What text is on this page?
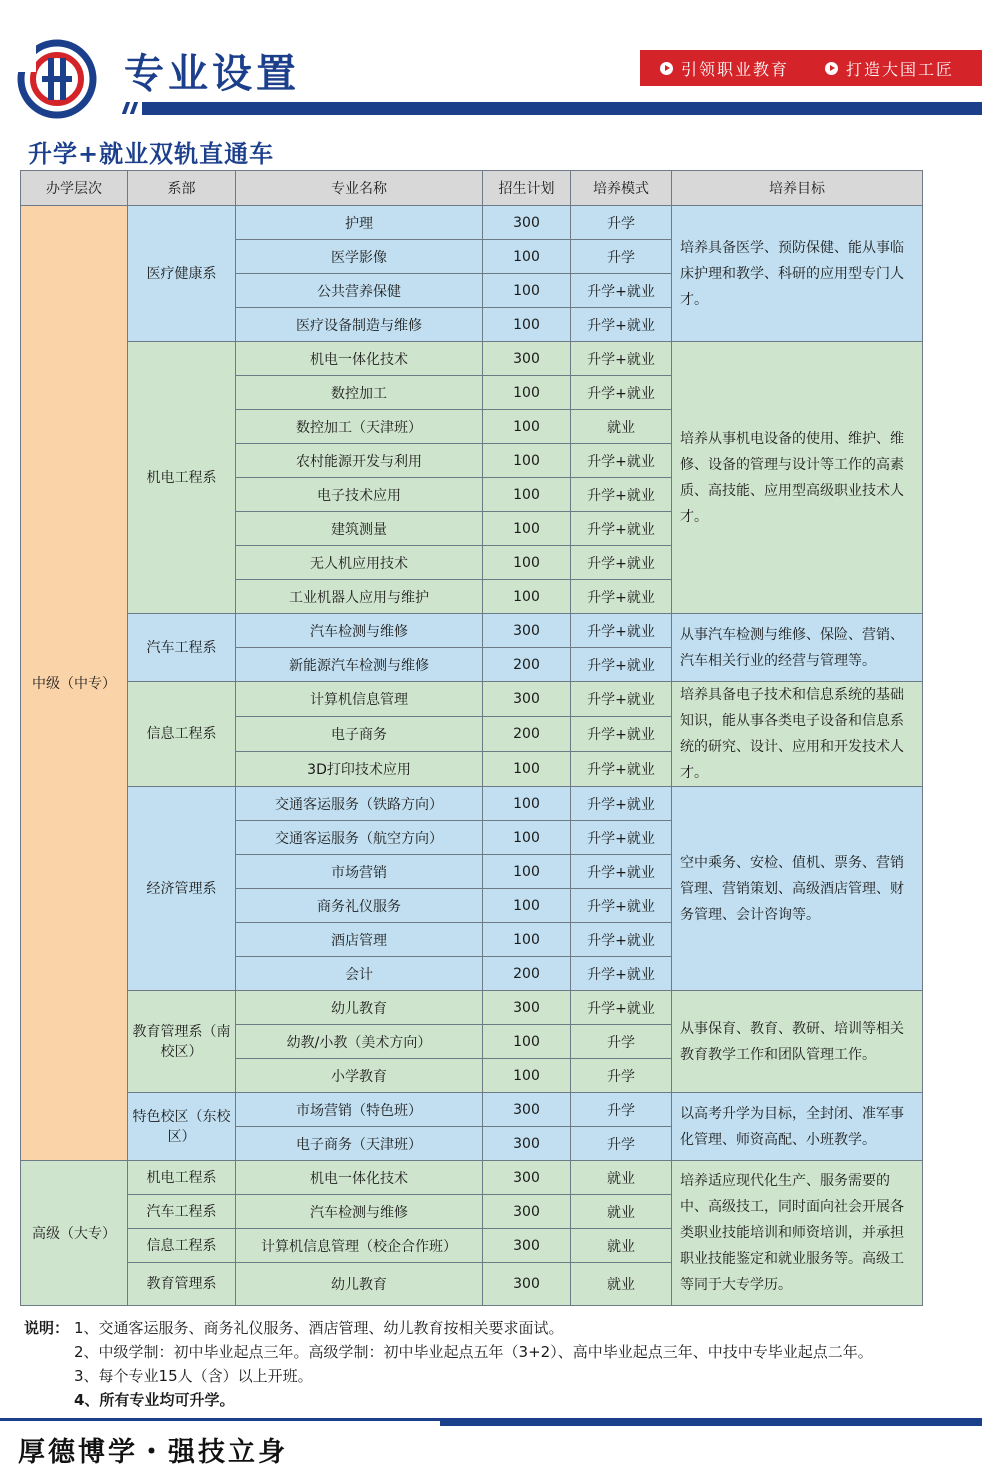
专业设置	引领职业教育	打造大国工匠
升学+就业双轨直通车
办学层次	系部	专业名称	招生计划	培养模式	培养目标
中级（中专）	医疗健康系	护理	300	升学	培养具备医学、预防保健、能从事临床护理和教学、科研的应用型专门人才。
		医学影像	100	升学	
		公共营养保健	100	升学+就业	
		医疗设备制造与维修	100	升学+就业	
	机电工程系	机电一体化技术	300	升学+就业	培养从事机电设备的使用、维护、维修、设备的管理与设计等工作的高素质、高技能、应用型高级职业技术人才。
		数控加工	100	升学+就业	
		数控加工（天津班）	100	就业	
		农村能源开发与利用	100	升学+就业	
		电子技术应用	100	升学+就业	
		建筑测量	100	升学+就业	
		无人机应用技术	100	升学+就业	
		工业机器人应用与维护	100	升学+就业	
	汽车工程系	汽车检测与维修	300	升学+就业	从事汽车检测与维修、保险、营销、汽车相关行业的经营与管理等。
		新能源汽车检测与维修	200	升学+就业	
	信息工程系	计算机信息管理	300	升学+就业	培养具备电子技术和信息系统的基础知识，能从事各类电子设备和信息系统的研究、设计、应用和开发技术人才。
		电子商务	200	升学+就业	
		3D打印技术应用	100	升学+就业	
	经济管理系	交通客运服务（铁路方向）	100	升学+就业	空中乘务、安检、值机、票务、营销管理、营销策划、高级酒店管理、财务管理、会计咨询等。
		交通客运服务（航空方向）	100	升学+就业	
		市场营销	100	升学+就业	
		商务礼仪服务	100	升学+就业	
		酒店管理	100	升学+就业	
		会计	200	升学+就业	
	教育管理系（南校区）	幼儿教育	300	升学+就业	从事保育、教育、教研、培训等相关教育教学工作和团队管理工作。
		幼教/小教（美术方向）	100	升学	
		小学教育	100	升学	
	特色校区（东校区）	市场营销（特色班）	300	升学	以高考升学为目标，全封闭、准军事化管理、师资高配、小班教学。
		电子商务（天津班）	300	升学	
高级（大专）	机电工程系	机电一体化技术	300	就业	培养适应现代化生产、服务需要的中、高级技工，同时面向社会开展各类职业技能培训和师资培训，并承担职业技能鉴定和就业服务等。高级工等同于大专学历。
	汽车工程系	汽车检测与维修	300	就业	
	信息工程系	计算机信息管理（校企合作班）	300	就业	
	教育管理系	幼儿教育	300	就业	
说明： 1、交通客运服务、商务礼仪服务、酒店管理、幼儿教育按相关要求面试。
2、中级学制：初中毕业起点三年。高级学制：初中毕业起点五年（3+2）、高中毕业起点三年、中技中专毕业起点二年。
3、每个专业15人（含）以上开班。
4、所有专业均可升学。
厚德博学・强技立身
